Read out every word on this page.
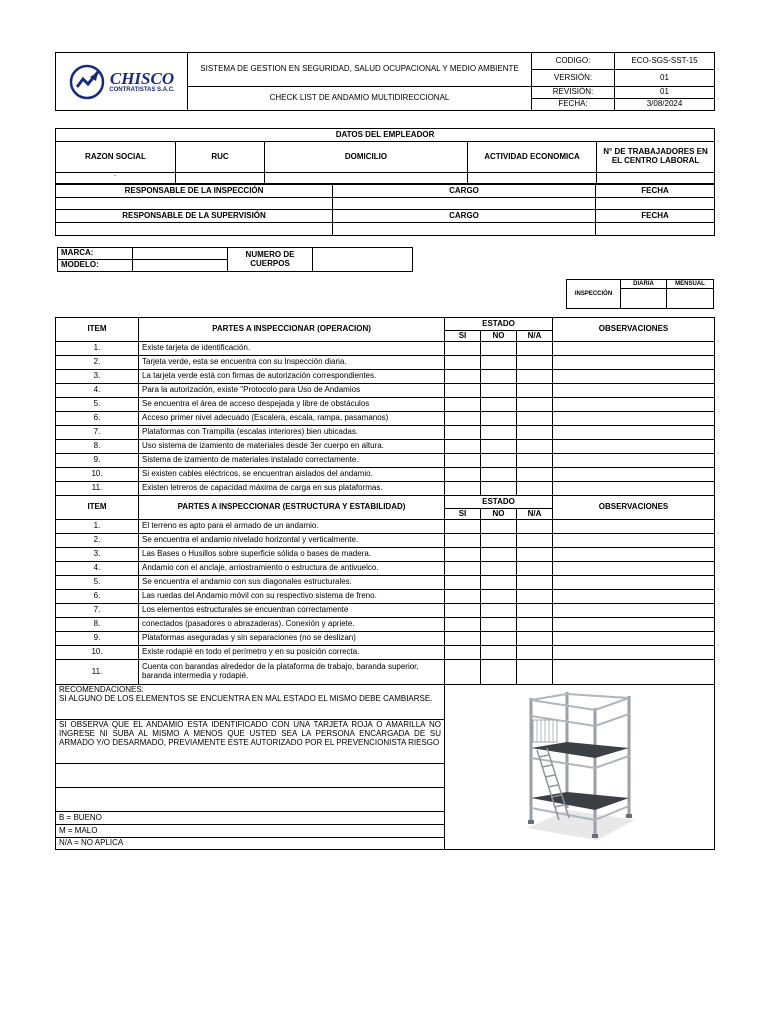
CHISCO
CONTRATISTAS S.A.C.	SISTEMA DE GESTION EN SEGURIDAD, SALUD OCUPACIONAL Y MEDIO AMBIENTE	CODIGO:	ECO-SGS-SST-15
		VERSIÓN:	01
	CHECK LIST DE ANDAMIO MULTIDIRECCIONAL	REVISIÓN:	01
		FECHA:	3/08/2024
DATOS DEL EMPLEADOR				
RAZON SOCIAL	RUC	DOMICILIO	ACTIVIDAD ECONOMICA	N° DE TRABAJADORES EN EL CENTRO LABORAL

.				

RESPONSABLE DE LA INSPECCIÓN	CARGO	FECHA

RESPONSABLE DE LA SUPERVISIÓN	CARGO	FECHA

MARCA:		NUMERO DE CUERPOS	
MODELO:			
INSPECCIÓN	DIARIA	MENSUAL

ITEM	PARTES A INSPECCIONAR (OPERACION)	ESTADO			OBSERVACIONES
		SI	NO	N/A	
1.	Existe tarjeta de identificación.				
2.	Tarjeta verde, esta se encuentra con su Inspección diaria.				
3.	La tarjeta verde está con firmas de autorización correspondientes.				
4.	Para la autorización, existe "Protocolo para Uso de Andamios				
5.	Se encuentra el área de acceso despejada y libre de obstáculos				
6.	Acceso primer nivel adecuado (Escalera, escala, rampa, pasamanos)				
7.	Plataformas con Trampilla (escalas interiores) bien ubicadas.				
8.	Uso sistema de izamiento de materiales desde 3er cuerpo en altura.				
9.	Sistema de izamiento de materiales instalado correctamente.				
10.	Si existen cables eléctricos, se encuentran aislados del andamio.				
11.	Existen letreros de capacidad máxima de carga en sus plataformas.				
ITEM	PARTES A INSPECCIONAR (ESTRUCTURA Y ESTABILIDAD)	ESTADO			OBSERVACIONES
		SI	NO	N/A	
1.	El terreno es apto para el armado de un andamio.				
2.	Se encuentra el andamio nivelado horizontal y verticalmente.				
3.	Las Bases o Husillos sobre superficie sólida o bases de madera.				
4.	Andamio con el anclaje, arriostramiento o estructura de antivuelco.				
5.	Se encuentra el andamio con sus diagonales estructurales.				
6.	Las ruedas del Andamio móvil con su respectivo sistema de freno.				
7.	Los elementos estructurales se encuentran correctamente				
8.	conectados (pasadores o abrazaderas). Conexión y apriete.				
9.	Plataformas aseguradas y sin separaciones (no se deslizan)				
10.	Existe rodapié en todo el perímetro y en su posición correcta.				
11.	Cuenta con barandas alrededor de la plataforma de trabajo, baranda superior, baranda intermedia y rodapié.				

RECOMENDACIONES:
SI ALGUNO DE LOS ELEMENTOS SE ENCUENTRA EN MAL ESTADO EL MISMO DEBE CAMBIARSE.

SI OBSERVA QUE EL ANDAMIO ESTA IDENTIFICADO CON UNA TARJETA ROJA O AMARILLA NO INGRESE NI SUBA AL MISMO A MENOS QUE USTED SEA LA PERSONA ENCARGADA DE SU ARMADO Y/O DESARMADO, PREVIAMENTE ESTE AUTORIZADO POR EL PREVENCIONISTA RIESGO					

B = BUENO					
M = MALO					
N/A = NO APLICA					
